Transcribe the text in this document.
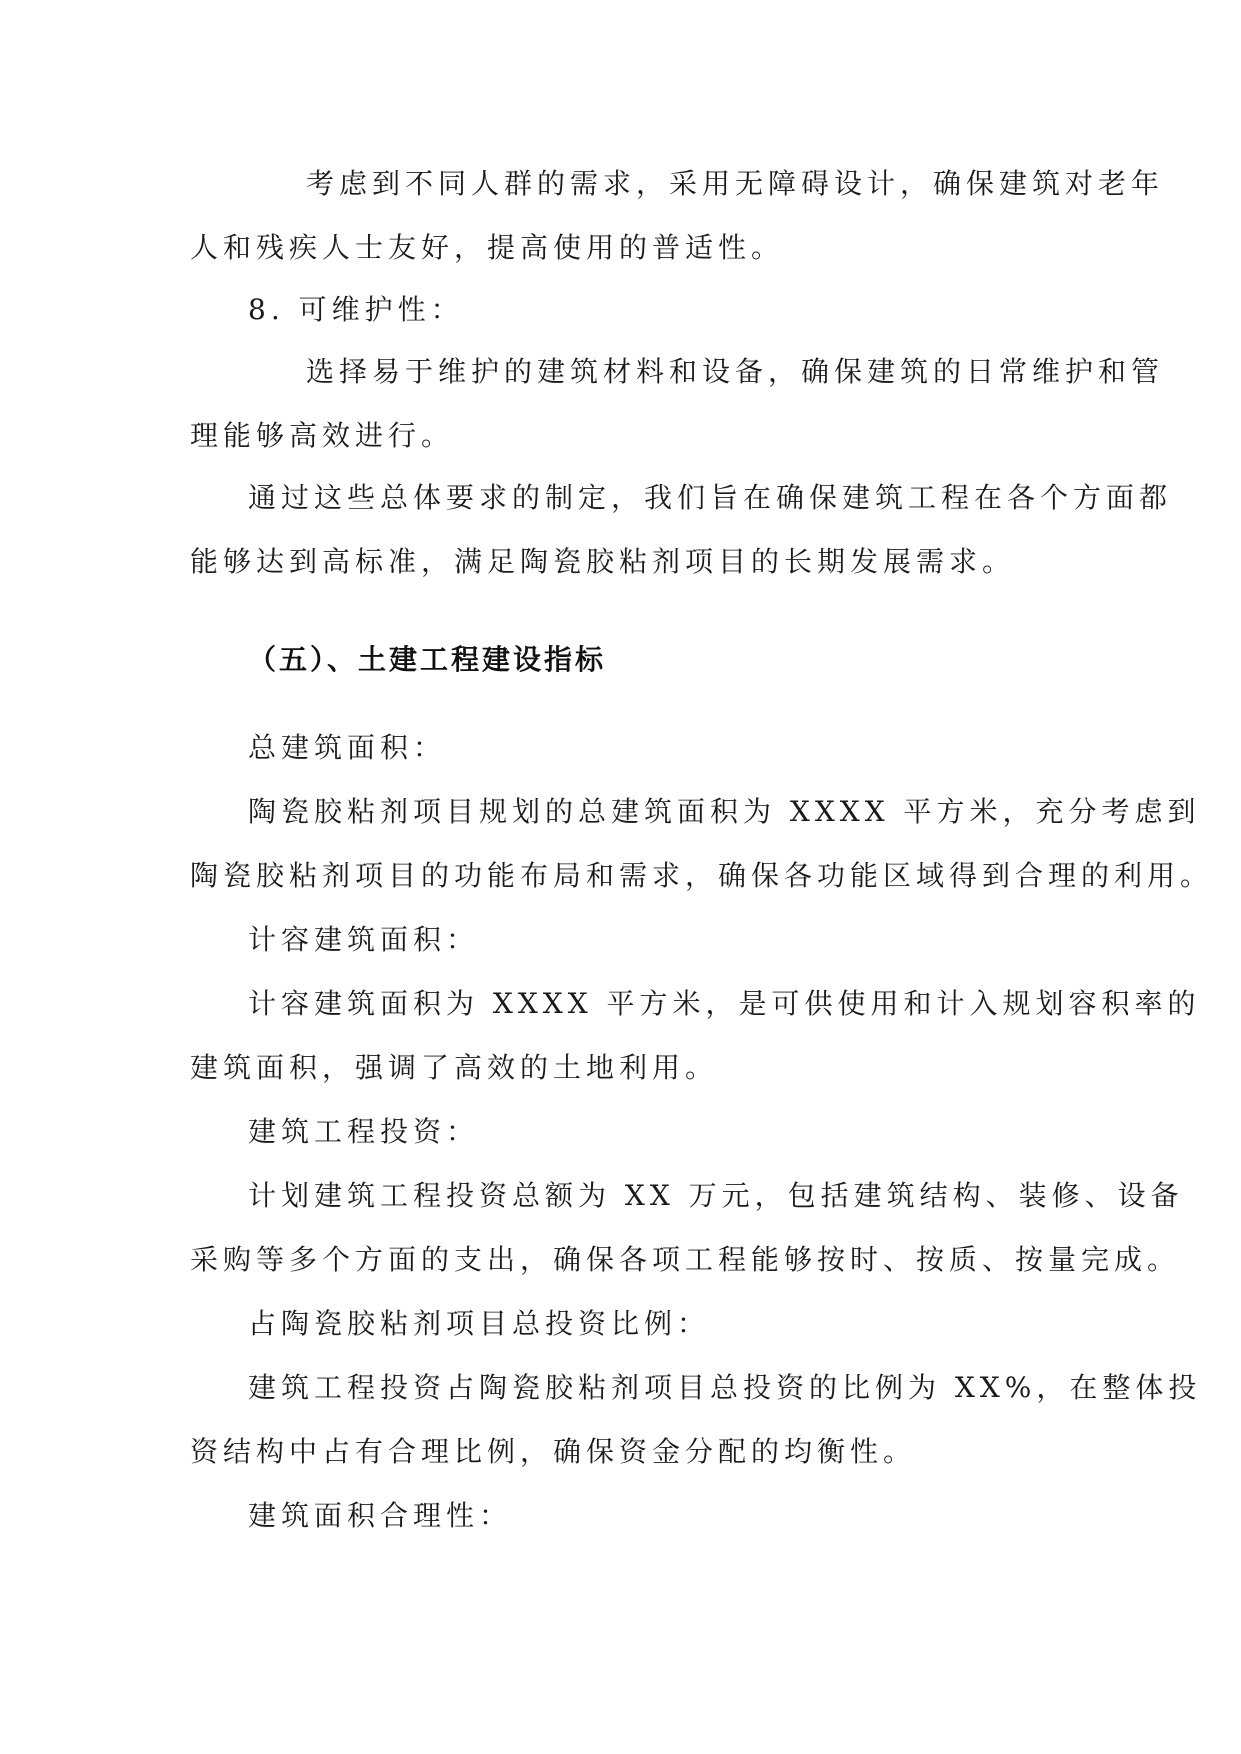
考虑到不同人群的需求，采用无障碍设计，确保建筑对老年
人和残疾人士友好，提高使用的普适性。
8. 可维护性：
选择易于维护的建筑材料和设备，确保建筑的日常维护和管
理能够高效进行。
通过这些总体要求的制定，我们旨在确保建筑工程在各个方面都
能够达到高标准，满足陶瓷胶粘剂项目的长期发展需求。
（五）、土建工程建设指标
总建筑面积：
陶瓷胶粘剂项目规划的总建筑面积为 XXXX 平方米，充分考虑到
陶瓷胶粘剂项目的功能布局和需求，确保各功能区域得到合理的利用。
计容建筑面积：
计容建筑面积为 XXXX 平方米，是可供使用和计入规划容积率的
建筑面积，强调了高效的土地利用。
建筑工程投资：
计划建筑工程投资总额为 XX 万元，包括建筑结构、装修、设备
采购等多个方面的支出，确保各项工程能够按时、按质、按量完成。
占陶瓷胶粘剂项目总投资比例：
建筑工程投资占陶瓷胶粘剂项目总投资的比例为 XX%，在整体投
资结构中占有合理比例，确保资金分配的均衡性。
建筑面积合理性：
